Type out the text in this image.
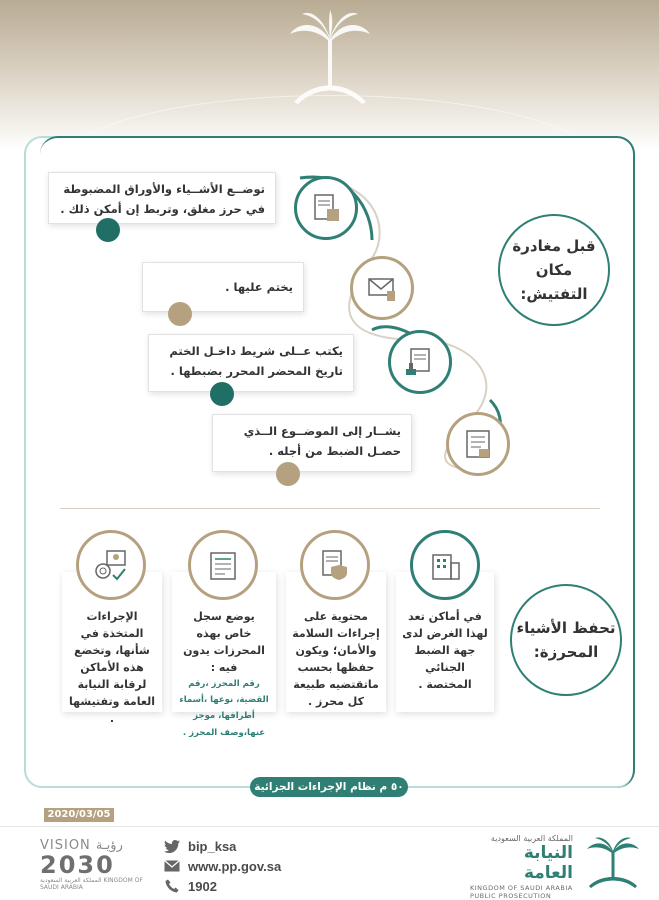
قبل مغادرة
مكان التفتيش:
توضــع الأشــياء والأوراق المضبوطة في حرز مغلق، وتربط إن أمكن ذلك .
يختم عليها .
يكتب عــلى شريط داخـل الختم تاريخ المحضر المحرر بضبطها .
يشــار إلى الموضــوع الــذي حصـل الضبط من أجله .
تحفظ الأشياء
المحرزة:
في أماكن تعد لهذا الغرض لدى جهة الضبط الجنائي المختصة .
محتوية على إجراءات السلامة والأمان؛ ويكون حفظها بحسب ماتقتضيه طبيعة كل محرز .
يوضع سجل خاص بهذه المحرزات يدون فيه :
رقم المحرز ،رقم القضية، نوعها ،أسماء أطرافها، موجز عنها،وصف المحرز .
الإجراءات المتخذة في شأنها، وتخضع هذه الأماكن لرقابة النيابة العامة وتفتيشها .
٥٠ م نظام الإجراءات الجزائية
2020/03/05
VISION رؤيـة
2030
المملكة العربية السعودية KINGDOM OF SAUDI ARABIA
bip_ksa
www.pp.gov.sa
1902
المملكة العربية السعودية
النيابة العامة
KINGDOM OF SAUDI ARABIA
PUBLIC PROSECUTION
